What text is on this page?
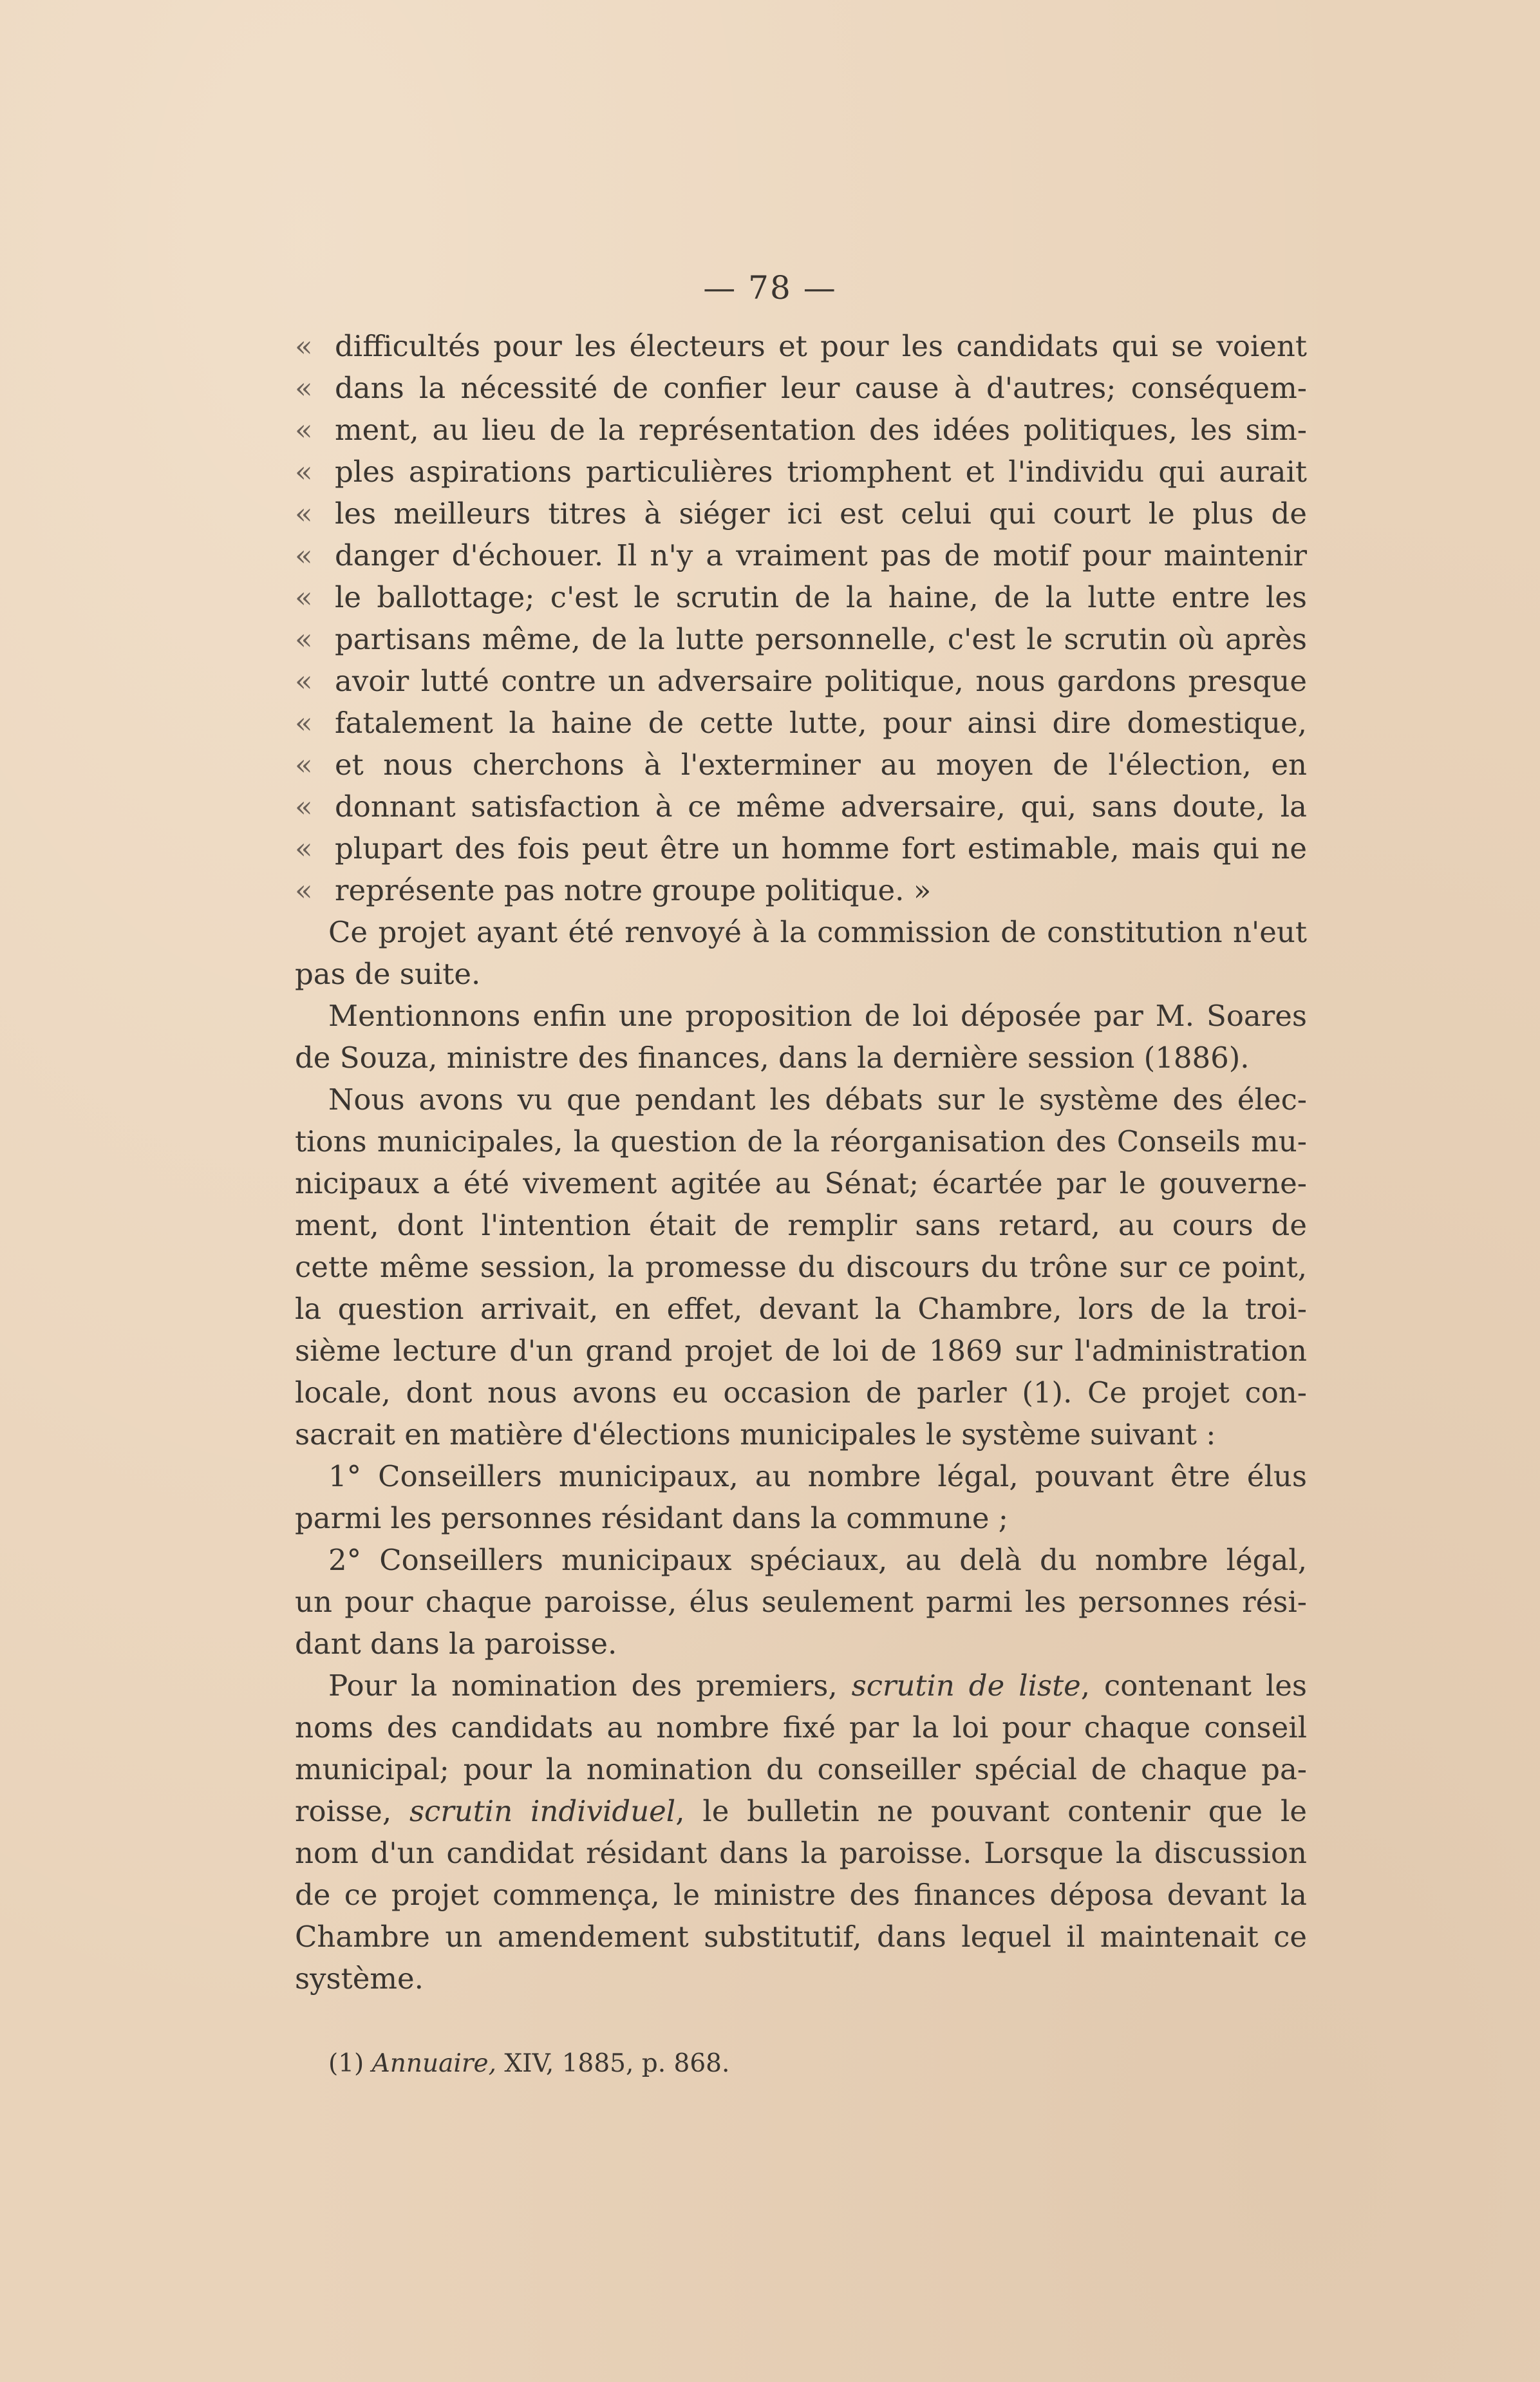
— 78 —
« difficultés pour les électeurs et pour les candidats qui se voient
« dans la nécessité de confier leur cause à d'autres; conséquem-
« ment, au lieu de la représentation des idées politiques, les sim-
« ples aspirations particulières triomphent et l'individu qui aurait
« les meilleurs titres à siéger ici est celui qui court le plus de
« danger d'échouer. Il n'y a vraiment pas de motif pour maintenir
« le ballottage; c'est le scrutin de la haine, de la lutte entre les
« partisans même, de la lutte personnelle, c'est le scrutin où après
« avoir lutté contre un adversaire politique, nous gardons presque
« fatalement la haine de cette lutte, pour ainsi dire domestique,
« et nous cherchons à l'exterminer au moyen de l'élection, en
« donnant satisfaction à ce même adversaire, qui, sans doute, la
« plupart des fois peut être un homme fort estimable, mais qui ne
« représente pas notre groupe politique. »
Ce projet ayant été renvoyé à la commission de constitution n'eut
pas de suite.
Mentionnons enfin une proposition de loi déposée par M. Soares
de Souza, ministre des finances, dans la dernière session (1886).
Nous avons vu que pendant les débats sur le système des élec-
tions municipales, la question de la réorganisation des Conseils mu-
nicipaux a été vivement agitée au Sénat; écartée par le gouverne-
ment, dont l'intention était de remplir sans retard, au cours de
cette même session, la promesse du discours du trône sur ce point,
la question arrivait, en effet, devant la Chambre, lors de la troi-
sième lecture d'un grand projet de loi de 1869 sur l'administration
locale, dont nous avons eu occasion de parler (1). Ce projet con-
sacrait en matière d'élections municipales le système suivant :
1° Conseillers municipaux, au nombre légal, pouvant être élus
parmi les personnes résidant dans la commune ;
2° Conseillers municipaux spéciaux, au delà du nombre légal,
un pour chaque paroisse, élus seulement parmi les personnes rési-
dant dans la paroisse.
Pour la nomination des premiers, scrutin de liste, contenant les
noms des candidats au nombre fixé par la loi pour chaque conseil
municipal; pour la nomination du conseiller spécial de chaque pa-
roisse, scrutin individuel, le bulletin ne pouvant contenir que le
nom d'un candidat résidant dans la paroisse. Lorsque la discussion
de ce projet commença, le ministre des finances déposa devant la
Chambre un amendement substitutif, dans lequel il maintenait ce
système.
(1) Annuaire, XIV, 1885, p. 868.
